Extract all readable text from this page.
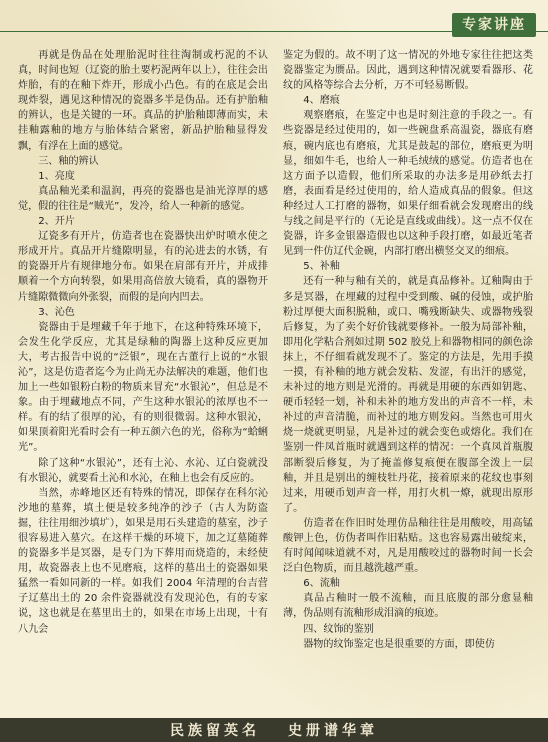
专家讲座

再就是伪品在处理胎泥时往往淘制或朽泥的不认真，时间也短（辽瓷的胎土要朽泥两年以上），往往会出炸胎，有的在釉下炸开，形成小凸色。有的在底足会出现炸裂，遇见这种情况的瓷器多半是伪品。还有护胎釉的辨认，也是关键的一环。真品的护胎釉即薄而实，未挂釉露釉的地方与胎体结合紧密，新品护胎釉显得发飘，有浮在上面的感觉。

三、釉的辨认

1、亮度

真品釉光柔和温润，再亮的瓷器也是油光淳厚的感觉，假的往往是“贼光”，发冷，给人一种新的感觉。

2、开片

辽瓷多有开片，仿造者也在瓷器快出炉时喷水使之形成开片。真品开片缝隙明显，有的沁进去的水锈，有的瓷器开片有规律地分布。如果在肩部有开片，并成排顺着一个方向转裂，如果用高倍放大镜看，真的器物开片缝隙微微向外张裂，而假的是向内凹去。

3、沁色

瓷器由于是埋藏千年于地下，在这种特殊环境下，会发生化学反应，尤其是绿釉的陶器上这种反应更加大，考古报告中说的“泛银”，现在古董行上说的“水银沁”，这是仿造者迄今为止尚无办法解决的难题，他们也加上一些如银粉白粉的物质来冒充“水银沁”，但总是不象。由于埋藏地点不同，产生这种水银沁的浓厚也不一样。有的结了很厚的沁，有的则很微弱。这种水银沁，如果顶着阳光看时会有一种五颜六色的光，俗称为“蛤蜊光”。

除了这种“水银沁”，还有土沁、水沁、辽白瓷就没有水银沁，就要看土沁和水沁，在釉上也会有反应的。

当然，赤峰地区还有特殊的情况，即保存在科尔沁沙地的墓葬，填土便是较多纯净的沙子（古人为防盗掘，往往用细沙填圹），如果是用石头建造的墓室，沙子很容易进入墓穴。在这样干燥的环境下，加之辽墓随葬的瓷器多半是冥器，是专门为下葬用而烧造的，未经使用，故瓷器表上也不见磨痕，这样的墓出土的瓷器如果猛然一看如同新的一样。如我们 2004 年清理的台吉营子辽墓出土的 20 余件瓷器就没有发现沁色，有的专家说，这也就是在墓里出土的，如果在市场上出现，十有八九会

鉴定为假的。故不明了这一情况的外地专家往往把这类瓷器鉴定为赝品。因此，遇到这种情况就要看器形、花纹的风格等综合去分析，万不可轻易断假。

4、磨痕

观察磨痕，在鉴定中也是时刻注意的手段之一。有些瓷器是经过使用的，如一些碗盘系高温瓷，器底有磨痕，碗内底也有磨痕，尤其是鼓起的部位，磨痕更为明显，细如牛毛，也给人一种毛绒绒的感觉。仿造者也在这方面予以造假，他们所采取的办法多是用砂纸去打磨，表面看是经过使用的，给人造成真品的假象。但这种经过人工打磨的器物，如果仔细看就会发现磨出的线与线之间是平行的（无论是直线或曲线）。这一点不仅在瓷器，许多金银器造假也以这种手段打磨，如最近笔者见到一件仿辽代金碗，内部打磨出横竖交叉的细痕。

5、补釉

还有一种与釉有关的，就是真品修补。辽釉陶由于多是冥器，在埋藏的过程中受到酸、碱的侵蚀，或护胎粉过厚便大面积脱釉，或口、嘴残断缺失、或器物残裂后修复，为了卖个好价钱就要修补。一般为局部补釉，即用化学粘合剂如过期 502 胶兑上和器物相同的颜色涂抹上，不仔细看就发现不了。鉴定的方法是，先用手摸一摸，有补釉的地方就会发粘、发涩，有出汗的感觉，未补过的地方则是光滑的。再就是用硬的东西如钥匙、硬币轻轻一划，补和未补的地方发出的声音不一样，未补过的声音清脆，而补过的地方则发闷。当然也可用火烧一烧就更明显，凡是补过的就会变色或熔化。我们在鉴别一件凤首瓶时就遇到这样的情况：一个真凤首瓶腹部断裂后修复，为了掩盖修复痕便在腹部全泼上一层釉，并且是别出的缠枝牡丹花，接着原来的花纹也事刻过来，用硬币划声音一样，用打火机一燎，就现出原形了。

仿造者在作旧时处理仿品釉往往是用酸咬，用高锰酸钾上色，仿伪者叫作旧粘贴。这也容易露出破绽来，有时闻闻味道就不对，凡是用酸咬过的器物时间一长会泛白色物质，而且越洗越严重。

6、流釉

真品占釉时一般不流釉，而且底腹的部分愈显釉薄，伪品则有流釉形成泪滴的痕迹。

四、纹饰的鉴别

器物的纹饰鉴定也是很重要的方面，即使仿

民族留英名 史册谱华章
